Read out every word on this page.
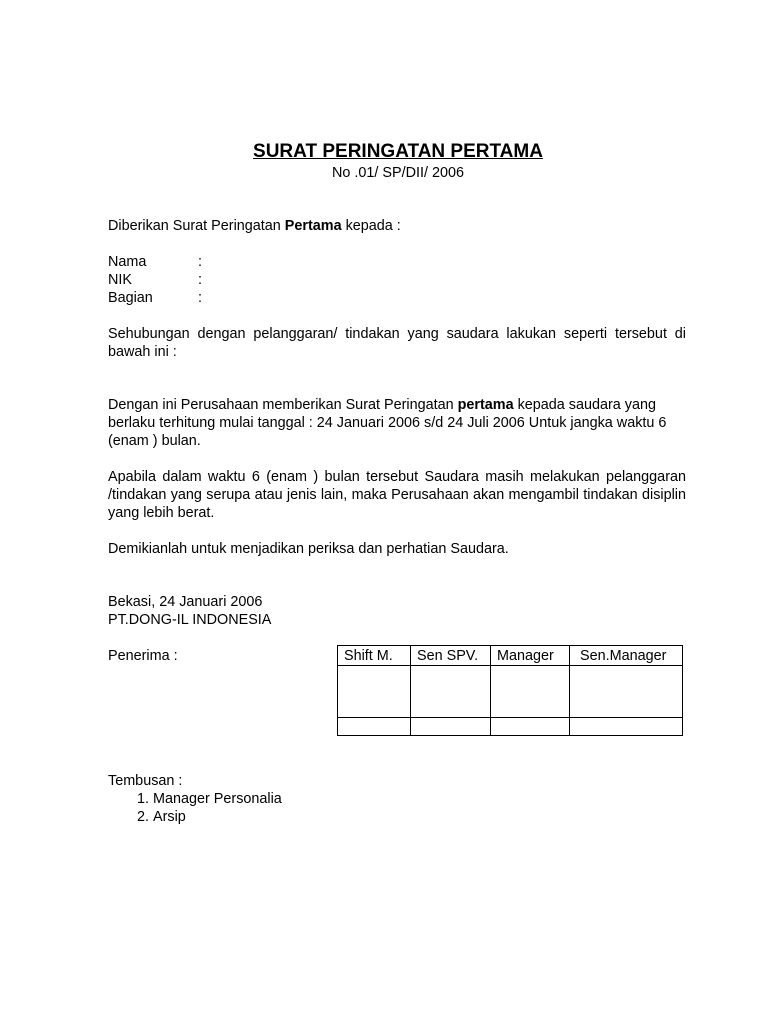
SURAT PERINGATAN PERTAMA
No .01/ SP/DII/ 2006
Diberikan Surat Peringatan Pertama kepada :
Nama	:
NIK	:
Bagian	:
Sehubungan dengan pelanggaran/ tindakan yang saudara lakukan seperti tersebut di bawah ini :
Dengan ini Perusahaan memberikan Surat Peringatan pertama kepada saudara yang berlaku terhitung mulai tanggal : 24 Januari 2006 s/d 24 Juli 2006 Untuk jangka waktu 6 (enam ) bulan.
Apabila dalam waktu 6 (enam ) bulan tersebut Saudara masih melakukan pelanggaran /tindakan yang serupa atau jenis lain, maka Perusahaan akan mengambil tindakan disiplin yang lebih berat.
Demikianlah untuk menjadikan periksa dan perhatian Saudara.
Bekasi, 24 Januari 2006
PT.DONG-IL INDONESIA
Penerima :	Shift M.	Sen SPV.	Manager	Sen.Manager

Tembusan :
1. Manager Personalia
2. Arsip
